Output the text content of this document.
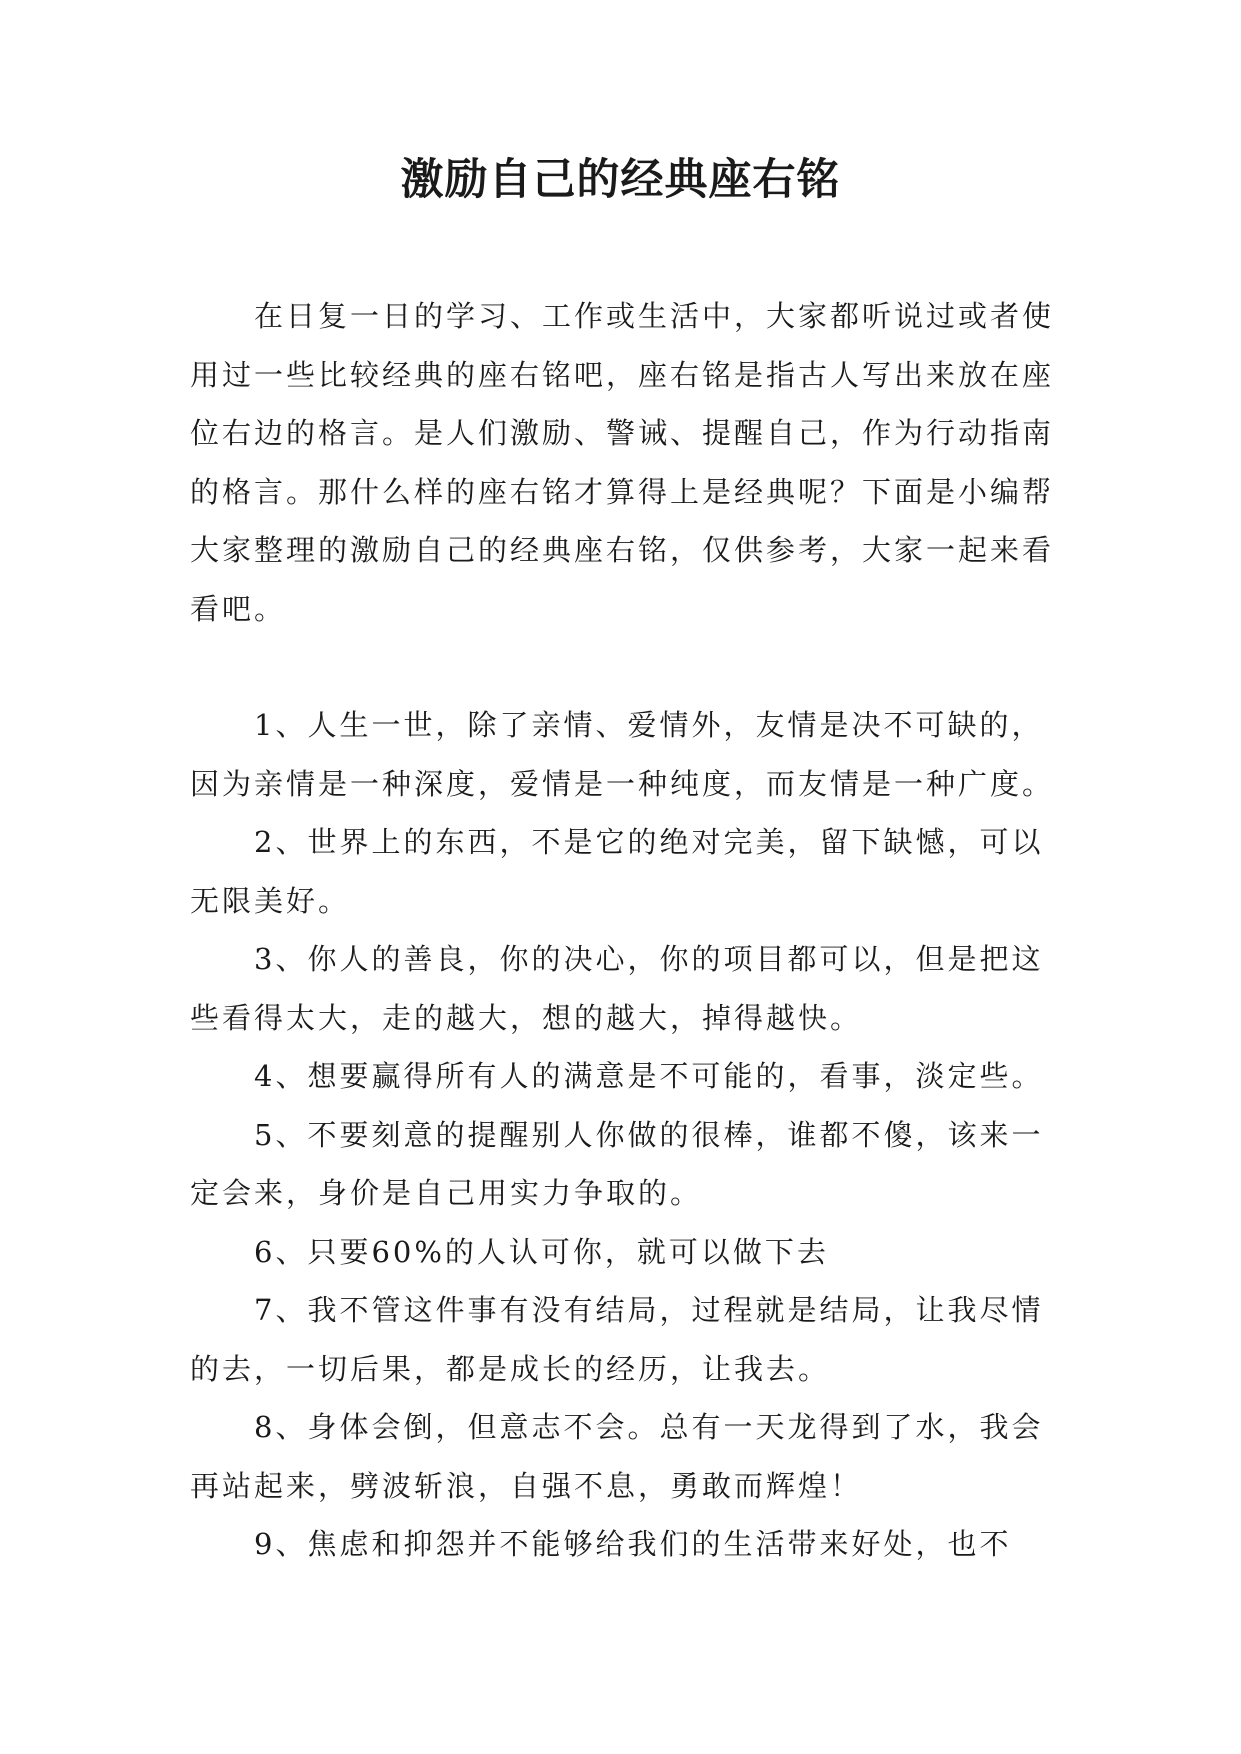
激励自己的经典座右铭

在日复一日的学习、工作或生活中，大家都听说过或者使用过一些比较经典的座右铭吧，座右铭是指古人写出来放在座位右边的格言。是人们激励、警诫、提醒自己，作为行动指南的格言。那什么样的座右铭才算得上是经典呢？下面是小编帮大家整理的激励自己的经典座右铭，仅供参考，大家一起来看看吧。

1、人生一世，除了亲情、爱情外，友情是决不可缺的，因为亲情是一种深度，爱情是一种纯度，而友情是一种广度。
2、世界上的东西，不是它的绝对完美，留下缺憾，可以无限美好。
3、你人的善良，你的决心，你的项目都可以，但是把这些看得太大，走的越大，想的越大，掉得越快。
4、想要赢得所有人的满意是不可能的，看事，淡定些。
5、不要刻意的提醒别人你做的很棒，谁都不傻，该来一定会来，身价是自己用实力争取的。
6、只要60%的人认可你，就可以做下去
7、我不管这件事有没有结局，过程就是结局，让我尽情的去，一切后果，都是成长的经历，让我去。
8、身体会倒，但意志不会。总有一天龙得到了水，我会再站起来，劈波斩浪，自强不息，勇敢而辉煌！
9、焦虑和抑怨并不能够给我们的生活带来好处，也不
